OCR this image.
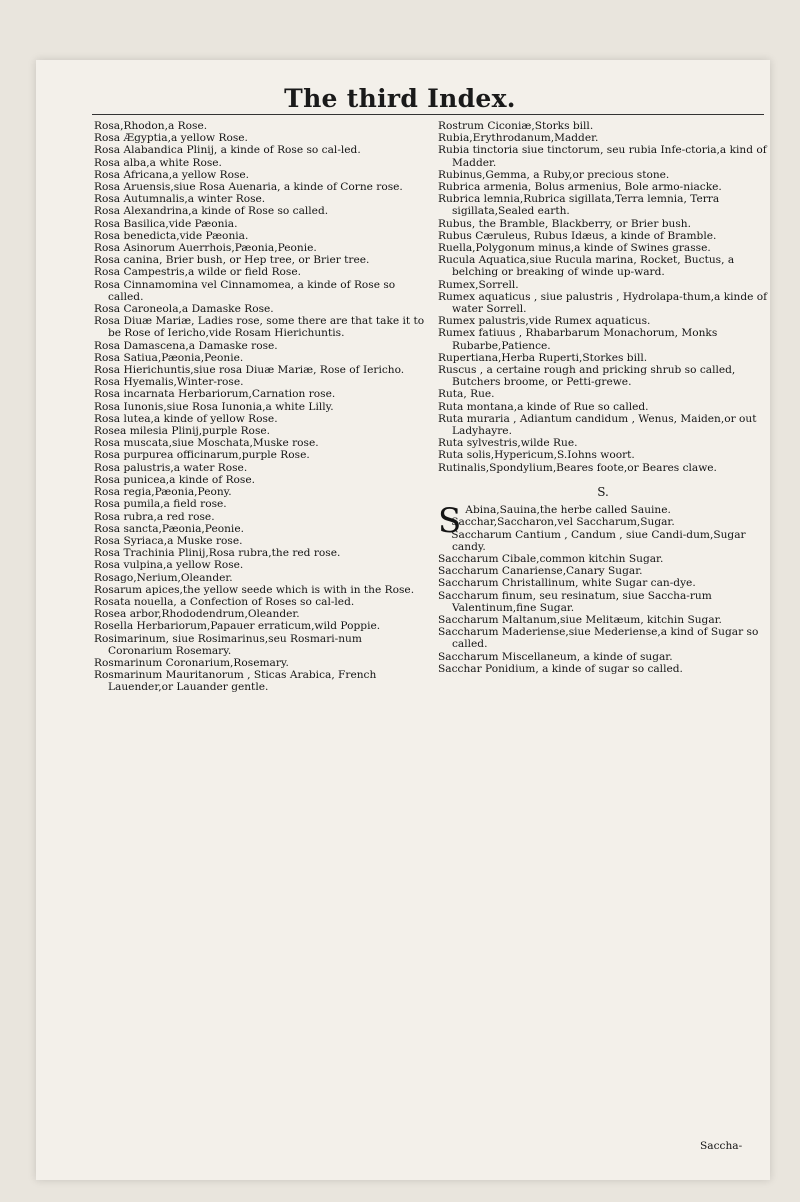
The third Index.

Rosa,Rhodon,a Rose.

Rosa Ægyptia,a yellow Rose.

Rosa Alabandica Plinij, a kinde of Rose so cal-led.

Rosa alba,a white Rose.

Rosa Africana,a yellow Rose.

Rosa Aruensis,siue Rosa Auenaria, a kinde of Corne rose.

Rosa Autumnalis,a winter Rose.

Rosa Alexandrina,a kinde of Rose so called.

Rosa Basilica,vide Pæonia.

Rosa benedicta,vide Pæonia.

Rosa Asinorum Auerrhois,Pæonia,Peonie.

Rosa canina, Brier bush, or Hep tree, or Brier tree.

Rosa Campestris,a wilde or field Rose.

Rosa Cinnamomina vel Cinnamomea, a kinde of Rose so called.

Rosa Caroneola,a Damaske Rose.

Rosa Diuæ Mariæ, Ladies rose, some there are that take it to be Rose of Iericho,vide Rosam Hierichuntis.

Rosa Damascena,a Damaske rose.

Rosa Satiua,Pæonia,Peonie.

Rosa Hierichuntis,siue rosa Diuæ Mariæ, Rose of Iericho.

Rosa Hyemalis,Winter-rose.

Rosa incarnata Herbariorum,Carnation rose.

Rosa Iunonis,siue Rosa Iunonia,a white Lilly.

Rosa lutea,a kinde of yellow Rose.

Rosea milesia Plinij,purple Rose.

Rosa muscata,siue Moschata,Muske rose.

Rosa purpurea officinarum,purple Rose.

Rosa palustris,a water Rose.

Rosa punicea,a kinde of Rose.

Rosa regia,Pæonia,Peony.

Rosa pumila,a field rose.

Rosa rubra,a red rose.

Rosa sancta,Pæonia,Peonie.

Rosa Syriaca,a Muske rose.

Rosa Trachinia Plinij,Rosa rubra,the red rose.

Rosa vulpina,a yellow Rose.

Rosago,Nerium,Oleander.

Rosarum apices,the yellow seede which is with in the Rose.

Rosata nouella, a Confection of Roses so cal-led.

Rosea arbor,Rhododendrum,Oleander.

Rosella Herbariorum,Papauer erraticum,wild Poppie.

Rosimarinum, siue Rosimarinus,seu Rosmari-num Coronarium Rosemary.

Rosmarinum Coronarium,Rosemary.

Rosmarinum Mauritanorum , Sticas Arabica, French Lauender,or Lauander gentle.

Rostrum Ciconiæ,Storks bill.

Rubia,Erythrodanum,Madder.

Rubia tinctoria siue tinctorum, seu rubia Infe-ctoria,a kind of Madder.

Rubinus,Gemma, a Ruby,or precious stone.

Rubrica armenia, Bolus armenius, Bole armo-niacke.

Rubrica lemnia,Rubrica sigillata,Terra lemnia, Terra sigillata,Sealed earth.

Rubus, the Bramble, Blackberry, or Brier bush.

Rubus Cæruleus, Rubus Idæus, a kinde of Bramble.

Ruella,Polygonum minus,a kinde of Swines grasse.

Rucula Aquatica,siue Rucula marina, Rocket, Buctus, a belching or breaking of winde up-ward.

Rumex,Sorrell.

Rumex aquaticus , siue palustris , Hydrolapa-thum,a kinde of water Sorrell.

Rumex palustris,vide Rumex aquaticus.

Rumex fatiuus , Rhabarbarum Monachorum, Monks Rubarbe,Patience.

Rupertiana,Herba Ruperti,Storkes bill.

Ruscus , a certaine rough and pricking shrub so called, Butchers broome, or Petti-grewe.

Ruta, Rue.

Ruta montana,a kinde of Rue so called.

Ruta muraria , Adiantum candidum , Wenus, Maiden,or out Ladyhayre.

Ruta sylvestris,wilde Rue.

Ruta solis,Hypericum,S.Iohns woort.

Rutinalis,Spondylium,Beares foote,or Beares clawe.

S.
S Abina,Sauina,the herbe called Sauine.

Sacchar,Saccharon,vel Saccharum,Sugar.

Saccharum Cantium , Candum , siue Candi-dum,Sugar candy.

Saccharum Cibale,common kitchin Sugar.

Saccharum Canariense,Canary Sugar.

Saccharum Christallinum, white Sugar can-dye.

Saccharum finum, seu resinatum, siue Saccha-rum Valentinum,fine Sugar.

Saccharum Maltanum,siue Melitæum, kitchin Sugar.

Saccharum Maderiense,siue Mederiense,a kind of Sugar so called.

Saccharum Miscellaneum, a kinde of sugar.

Sacchar Ponidium, a kinde of sugar so called.

Saccha-
